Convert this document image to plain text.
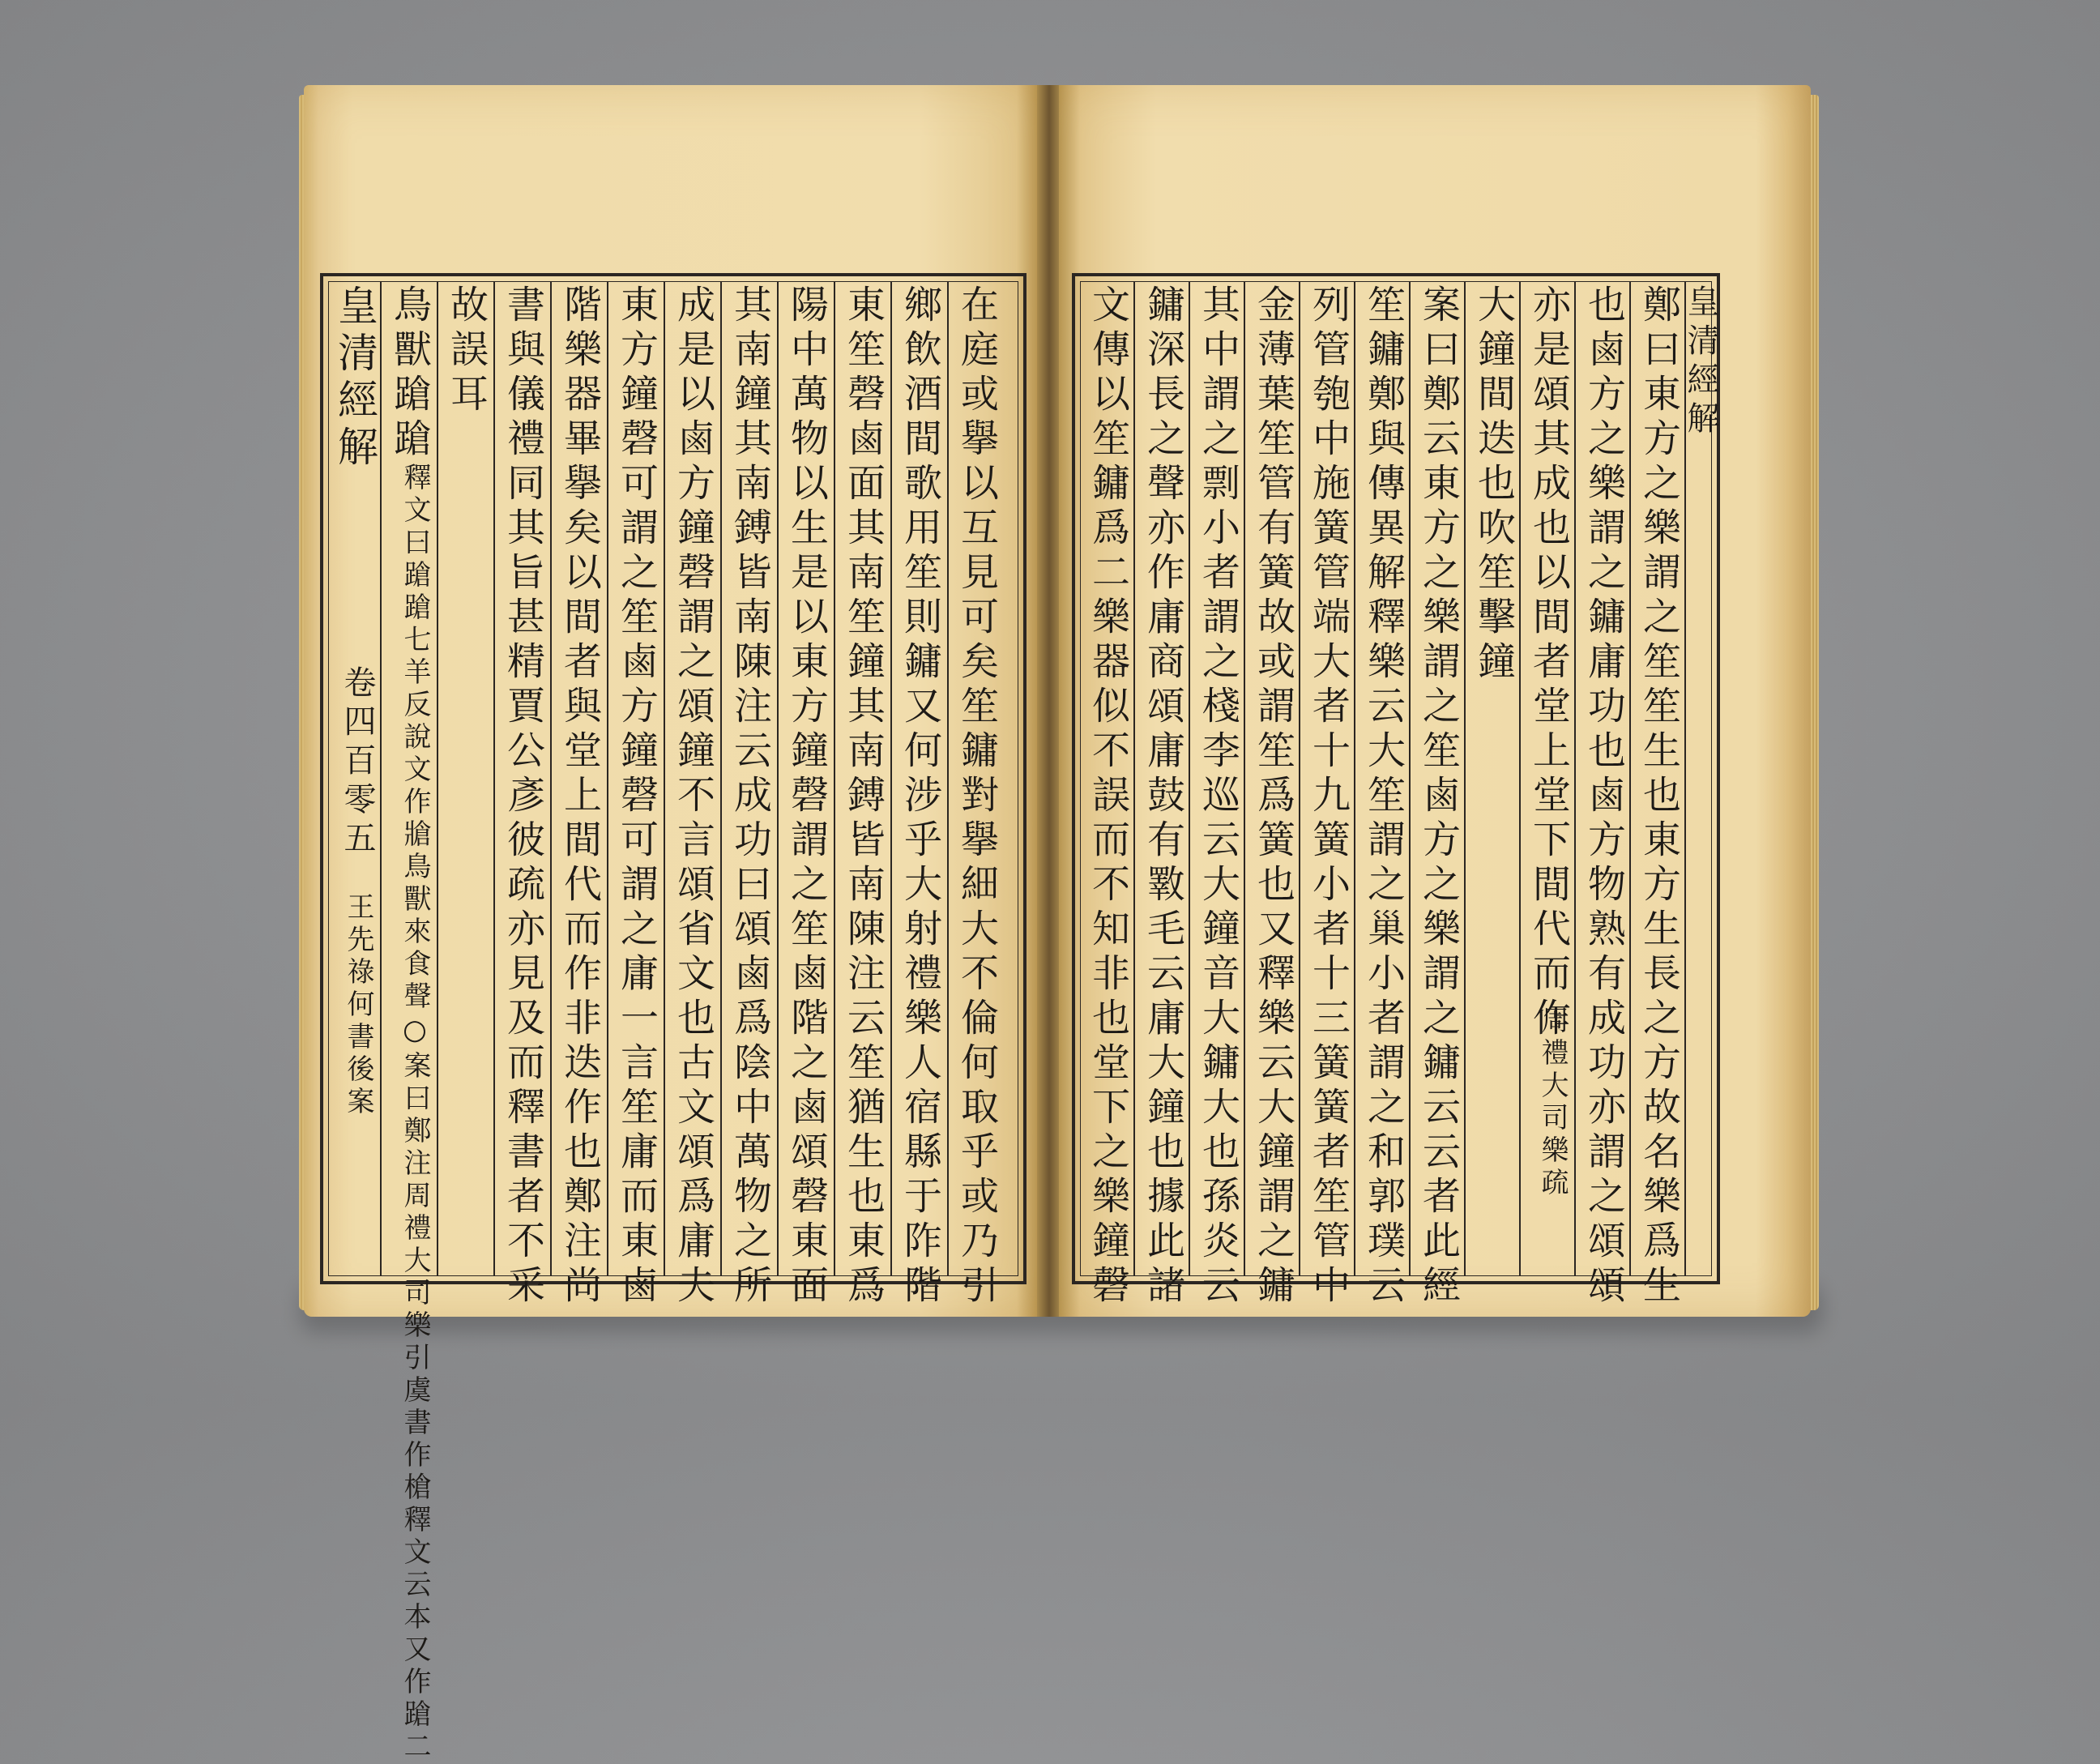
皇清經解
卷四百零五
王先祿何書後案
鳥獸蹌蹌
釋文曰蹌蹌七羊反說文作牄鳥獸來食聲○案曰鄭注周禮大司樂引虞書作槍釋文云本又作蹌二
故誤耳 書與儀禮同其旨甚精賈公彥彼疏亦見及而釋書者不采 階樂器畢擧矣以間者與堂上間代而作非迭作也鄭注尚 東方鐘磬可謂之笙鹵方鐘磬可謂之庸一言笙庸而東鹵 成是以鹵方鐘磬謂之頌鐘不言頌省文也古文頌爲庸夫 其南鐘其南鎛皆南陳注云成功曰頌鹵爲陰中萬物之所 陽中萬物以生是以東方鐘磬謂之笙鹵階之鹵頌磬東面 東笙磬鹵面其南笙鐘其南鎛皆南陳注云笙猶生也東爲 鄉飲酒間歌用笙則鏞又何涉乎大射禮樂人宿縣于阼階 在庭或擧以互見可矣笙鏞對擧細大不倫何取乎或乃引 文傳以笙鏞爲二樂器似不誤而不知非也堂下之樂鐘磬 鏞深長之聲亦作庸商頌庸鼓有斁毛云庸大鐘也據此諸 其中謂之剽小者謂之棧李巡云大鐘音大鏞大也孫炎云 金薄葉笙管有簧故或謂笙爲簧也又釋樂云大鐘謂之鏞 列管匏中施簧管端大者十九簧小者十三簧簧者笙管中 笙鏞鄭與傳異解釋樂云大笙謂之巢小者謂之和郭璞云 案曰鄭云東方之樂謂之笙鹵方之樂謂之鏞云云者此經 大鐘間迭也吹笙擊鐘 亦是頌其成也以間者堂上堂下間代而作
周禮大司樂疏 也鹵方之樂謂之鏞庸功也鹵方物熟有成功亦謂之頌頌 鄭曰東方之樂謂之笙笙生也東方生長之方故名樂爲生 皇清經解
